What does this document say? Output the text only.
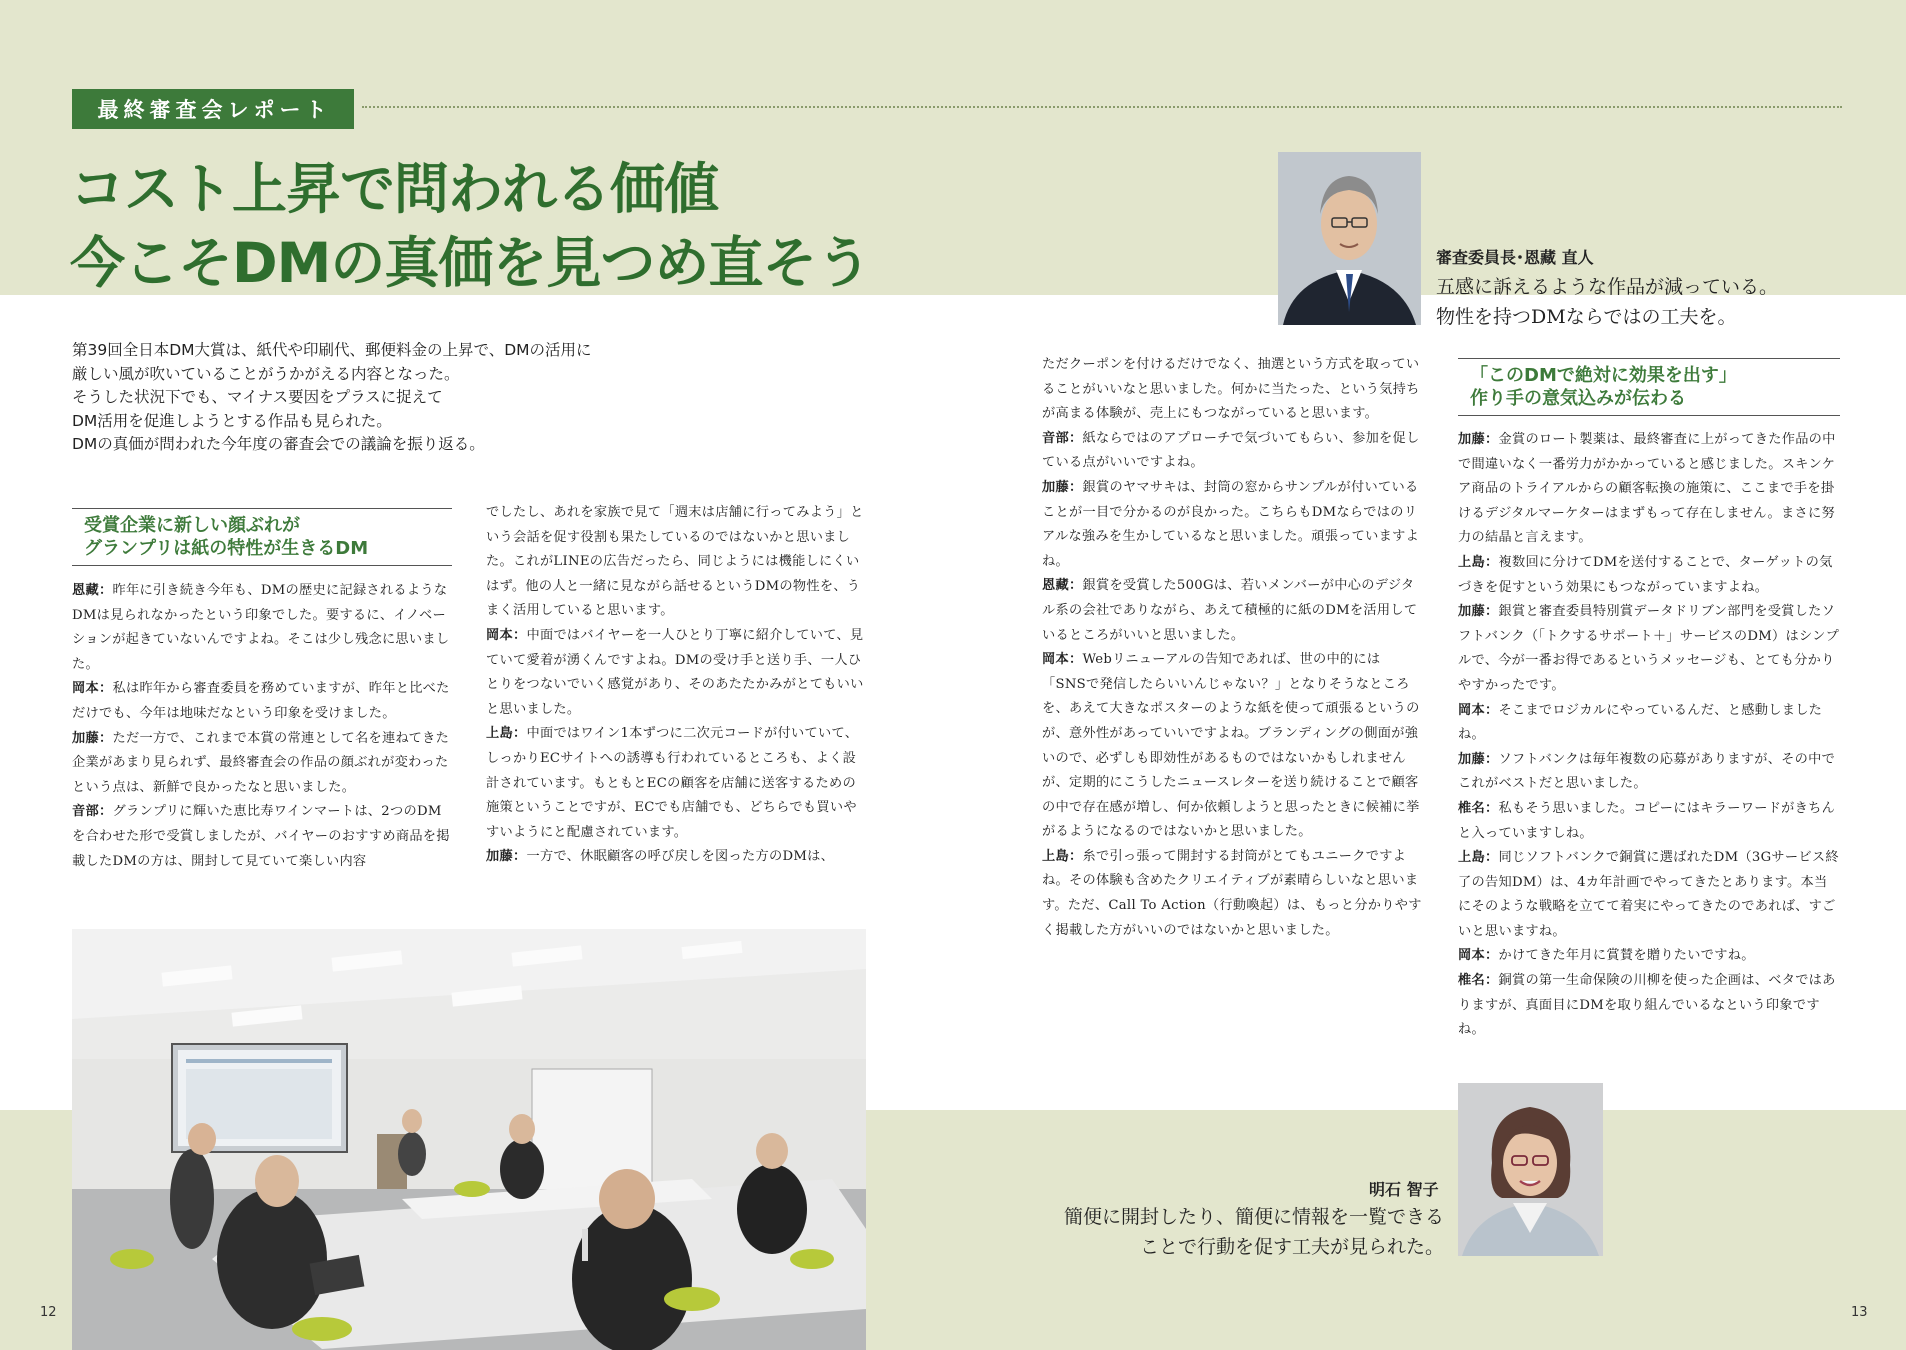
最終審査会レポート
コスト上昇で問われる価値
今こそDMの真価を見つめ直そう	審査委員長･恩藏 直人
五感に訴えるような作品が減っている。
物性を持つDMならではの工夫を。
第39回全日本DM大賞は、紙代や印刷代、郵便料金の上昇で、DMの活用に
厳しい風が吹いていることがうかがえる内容となった。
そうした状況下でも、マイナス要因をプラスに捉えて
DM活用を促進しようとする作品も見られた。
DMの真価が問われた今年度の審査会での議論を振り返る。
受賞企業に新しい顔ぶれが
グランプリは紙の特性が生きるDM
「このDMで絶対に効果を出す」
作り手の意気込みが伝わる

恩藏：昨年に引き続き今年も、DMの歴史に記録されるようなDMは見られなかったという印象でした。要するに、イノベーションが起きていないんですよね。そこは少し残念に思いました。

岡本：私は昨年から審査委員を務めていますが、昨年と比べただけでも、今年は地味だなという印象を受けました。

加藤：ただ一方で、これまで本賞の常連として名を連ねてきた企業があまり見られず、最終審査会の作品の顔ぶれが変わったという点は、新鮮で良かったなと思いました。

音部：グランプリに輝いた恵比寿ワインマートは、2つのDMを合わせた形で受賞しましたが、バイヤーのおすすめ商品を掲載したDMの方は、開封して見ていて楽しい内容

でしたし、あれを家族で見て「週末は店舗に行ってみよう」という会話を促す役割も果たしているのではないかと思いました。これがLINEの広告だったら、同じようには機能しにくいはず。他の人と一緒に見ながら話せるというDMの物性を、うまく活用していると思います。

岡本：中面ではバイヤーを一人ひとり丁寧に紹介していて、見ていて愛着が湧くんですよね。DMの受け手と送り手、一人ひとりをつないでいく感覚があり、そのあたたかみがとてもいいと思いました。

上島：中面ではワイン1本ずつに二次元コードが付いていて、しっかりECサイトへの誘導も行われているところも、よく設計されています。もともとECの顧客を店舗に送客するための施策ということですが、ECでも店舗でも、どちらでも買いやすいようにと配慮されています。

加藤：一方で、休眠顧客の呼び戻しを図った方のDMは、

ただクーポンを付けるだけでなく、抽選という方式を取っていることがいいなと思いました。何かに当たった、という気持ちが高まる体験が、売上にもつながっていると思います。

音部：紙ならではのアプローチで気づいてもらい、参加を促している点がいいですよね。

加藤：銀賞のヤマサキは、封筒の窓からサンプルが付いていることが一目で分かるのが良かった。こちらもDMならではのリアルな強みを生かしているなと思いました。頑張っていますよね。

恩藏：銀賞を受賞した500Gは、若いメンバーが中心のデジタル系の会社でありながら、あえて積極的に紙のDMを活用しているところがいいと思いました。

岡本：Webリニューアルの告知であれば、世の中的には「SNSで発信したらいいんじゃない？」となりそうなところを、あえて大きなポスターのような紙を使って頑張るというのが、意外性があっていいですよね。ブランディングの側面が強いので、必ずしも即効性があるものではないかもしれませんが、定期的にこうしたニュースレターを送り続けることで顧客の中で存在感が増し、何か依頼しようと思ったときに候補に挙がるようになるのではないかと思いました。

上島：糸で引っ張って開封する封筒がとてもユニークですよね。その体験も含めたクリエイティブが素晴らしいなと思います。ただ、Call To Action（行動喚起）は、もっと分かりやすく掲載した方がいいのではないかと思いました。

加藤：金賞のロート製薬は、最終審査に上がってきた作品の中で間違いなく一番労力がかかっていると感じました。スキンケア商品のトライアルからの顧客転換の施策に、ここまで手を掛けるデジタルマーケターはまずもって存在しません。まさに努力の結晶と言えます。

上島：複数回に分けてDMを送付することで、ターゲットの気づきを促すという効果にもつながっていますよね。

加藤：銀賞と審査委員特別賞データドリブン部門を受賞したソフトバンク（「トクするサポート＋」サービスのDM）はシンプルで、今が一番お得であるというメッセージも、とても分かりやすかったです。

岡本：そこまでロジカルにやっているんだ、と感動しましたね。

加藤：ソフトバンクは毎年複数の応募がありますが、その中でこれがベストだと思いました。

椎名：私もそう思いました。コピーにはキラーワードがきちんと入っていますしね。

上島：同じソフトバンクで銅賞に選ばれたDM（3Gサービス終了の告知DM）は、4カ年計画でやってきたとあります。本当にそのような戦略を立てて着実にやってきたのであれば、すごいと思いますね。

岡本：かけてきた年月に賞賛を贈りたいですね。

椎名：銅賞の第一生命保険の川柳を使った企画は、ベタではありますが、真面目にDMを取り組んでいるなという印象ですね。

明石 智子
簡便に開封したり、簡便に情報を一覧できる
ことで行動を促す工夫が見られた。
12	13
